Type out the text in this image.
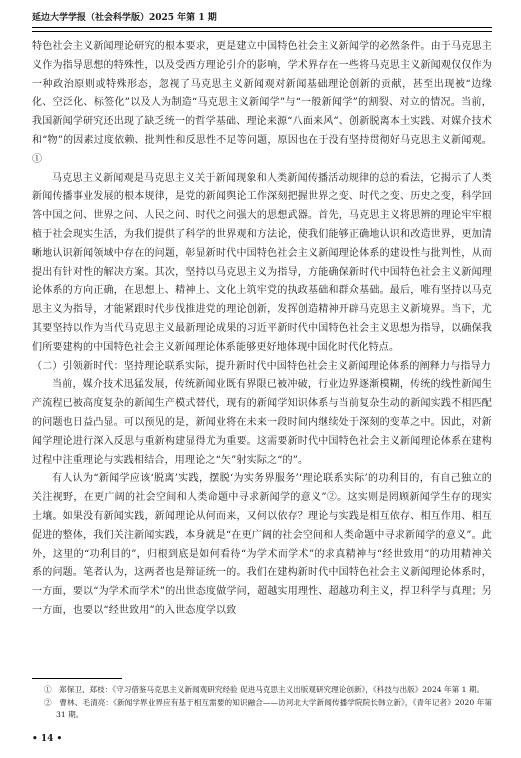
延边大学学报（社会科学版）2025 年第 1 期

特色社会主义新闻理论研究的根本要求，更是建立中国特色社会主义新闻学的必然条件。由于马克思主义作为指导思想的特殊性，以及受西方理论引介的影响，学术界存在一些将马克思主义新闻观仅仅作为一种政治原则或特殊形态，忽视了马克思主义新闻观对新闻基础理论创新的贡献，甚至出现被“边缘化、空泛化、标签化”以及人为制造“马克思主义新闻学”与“一般新闻学”的割裂、对立的情况。当前，我国新闻学研究还出现了缺乏统一的哲学基础、理论来源“八面来风”、创新脱离本土实践、对媒介技术和“物”的因素过度依赖、批判性和反思性不足等问题，原因也在于没有坚持贯彻好马克思主义新闻观。①

马克思主义新闻观是马克思主义关于新闻现象和人类新闻传播活动规律的总的看法，它揭示了人类新闻传播事业发展的根本规律，是党的新闻舆论工作深刻把握世界之变、时代之变、历史之变，科学回答中国之问、世界之问、人民之问、时代之问强大的思想武器。首先，马克思主义将思辨的理论牢牢根植于社会现实生活，为我们提供了科学的世界观和方法论，使我们能够正确地认识和改造世界，更加清晰地认识新闻领域中存在的问题，彰显新时代中国特色社会主义新闻理论体系的建设性与批判性，从而提出有针对性的解决方案。其次，坚持以马克思主义为指导，方能确保新时代中国特色社会主义新闻理论体系的方向正确，在思想上、精神上、文化上筑牢党的执政基础和群众基础。最后，唯有坚持以马克思主义为指导，才能紧跟时代步伐推进党的理论创新，发挥创造精神开辟马克思主义新境界。当下，尤其要坚持以作为当代马克思主义最新理论成果的习近平新时代中国特色社会主义思想为指导，以确保我们所要建构的中国特色社会主义新闻理论体系能够更好地体现中国化时代化特点。

（二）引领新时代：坚持理论联系实际，提升新时代中国特色社会主义新闻理论体系的阐释力与指导力

当前，媒介技术迅猛发展，传统新闻业既有界限已被冲破，行业边界逐渐模糊，传统的线性新闻生产流程已被高度复杂的新闻生产模式替代，现有的新闻学知识体系与当前复杂生动的新闻实践不相匹配的问题也日益凸显。可以预见的是，新闻业将在未来一段时间内继续处于深刻的变革之中。因此，对新闻学理论进行深入反思与重新构建显得尤为重要。这需要新时代中国特色社会主义新闻理论体系在建构过程中注重理论与实践相结合，用理论之“矢”射实际之“的”。

有人认为“新闻学应该‘脱离’实践，摆脱‘为实务界服务’‘理论联系实际’的功利目的，有自己独立的关注视野，在更广阔的社会空间和人类命题中寻求新闻学的意义”②。这实则是罔顾新闻学生存的现实土壤。如果没有新闻实践，新闻理论从何而来，又何以依存？理论与实践是相互依存、相互作用、相互促进的整体，我们关注新闻实践，本身就是“在更广阔的社会空间和人类命题中寻求新闻学的意义”。此外，这里的“功利目的”，归根到底是如何看待“为学术而学术”的求真精神与“经世致用”的功用精神关系的问题。笔者认为，这两者也是辩证统一的。我们在建构新时代中国特色社会主义新闻理论体系时，一方面，要以“为学术而学术”的出世态度做学问，超越实用理性、超越功利主义，捍卫科学与真理；另一方面，也要以“经世致用”的入世态度学以致

①　郑保卫、郑枝：《守习借鉴马克思主义新闻观研究经验 促进马克思主义出版观研究理论创新》，《科技与出版》2024 年第 1 期。

②　曹林、毛清亮：《新闻学界业界应有基于相互需要的知识融合——访河北大学新闻传播学院院长韩立新》，《青年记者》2020 年第 31 期。

• 14 •
